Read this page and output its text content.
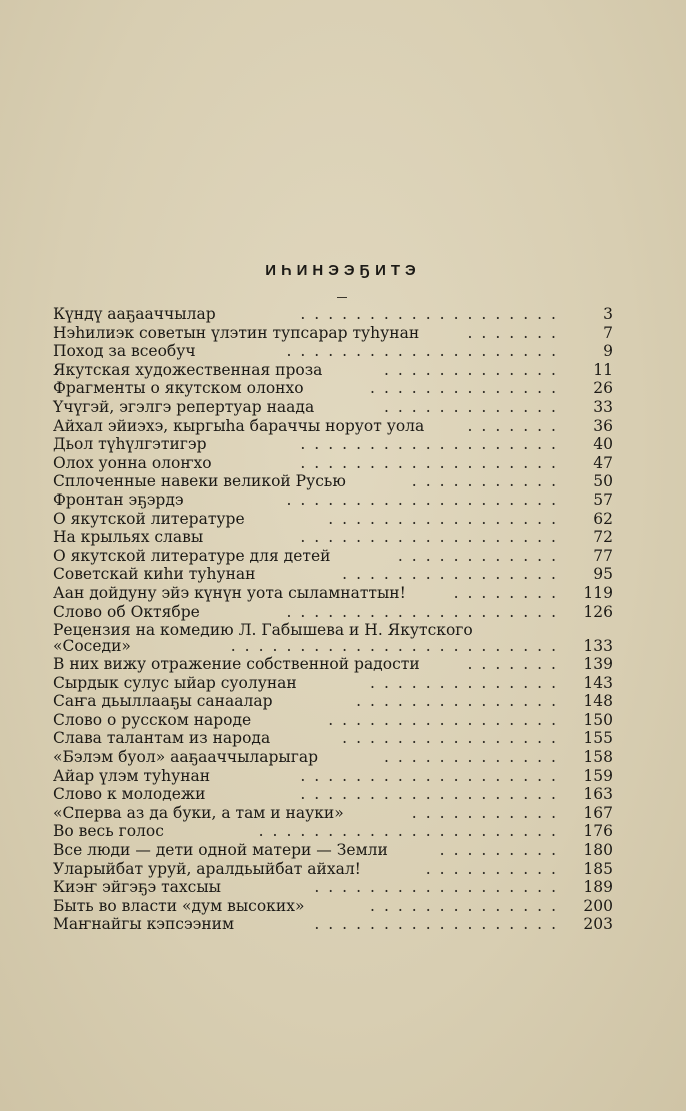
ИҺИНЭЭҔИТЭ
Күндү ааҕааччылар	...................	3
Нэһилиэк советын үлэтин тупсарар туһунан	.......	7
Поход за всеобуч	....................	9
Якутская художественная проза	.............	11
Фрагменты о якутском олонхо	..............	26
Үчүгэй, эгэлгэ репертуар наада	.............	33
Айхал эйиэхэ, кыргыһа бараччы норуот уола	.......	36
Дьол түһүлгэтигэр	...................	40
Олох уонна олоҥхо	...................	47
Сплоченные навеки великой Русью	...........	50
Фронтан эҕэрдэ	....................	57
О якутской литературе	.................	62
На крыльях славы	...................	72
О якутской литературе для детей	............	77
Советскай киһи туһунан	................	95
Аан дойдуну эйэ күнүн уота сыламнаттын!	........	119
Слово об Октябре	....................	126
Рецензия на комедию Л. Габышева и Н. Якутского
«Соседи»	........................	133
В них вижу отражение собственной радости	.......	139
Сырдык сулус ыйар суолунан	..............	143
Саҥа дьыллааҕы санаалар	...............	148
Слово о русском народе	.................	150
Слава талантам из народа	................	155
«Бэлэм буол» ааҕааччыларыгар	.............	158
Айар үлэм туһунан	...................	159
Слово к молодежи	...................	163
«Сперва аз да буки, а там и науки»	...........	167
Во весь голос	......................	176
Все люди — дети одной матери — Земли	.........	180
Уларыйбат уруй, аралдьыйбат айхал!	..........	185
Киэҥ эйгэҕэ тахсыы	..................	189
Быть во власти «дум высоких»	..............	200
Маҥнайгы кэпсээним	..................	203
